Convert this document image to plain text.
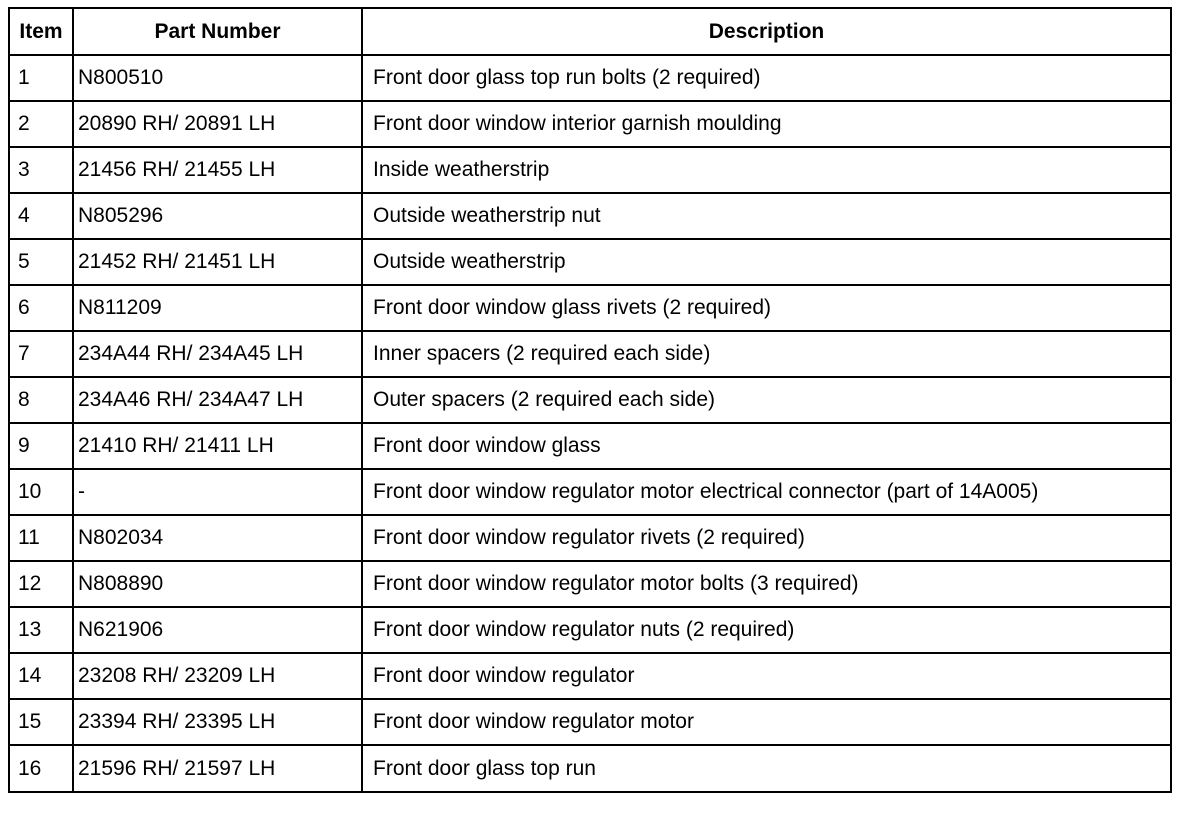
Item	Part Number	Description
1	N800510	Front door glass top run bolts (2 required)
2	20890 RH/ 20891 LH	Front door window interior garnish moulding
3	21456 RH/ 21455 LH	Inside weatherstrip
4	N805296	Outside weatherstrip nut
5	21452 RH/ 21451 LH	Outside weatherstrip
6	N811209	Front door window glass rivets (2 required)
7	234A44 RH/ 234A45 LH	Inner spacers (2 required each side)
8	234A46 RH/ 234A47 LH	Outer spacers (2 required each side)
9	21410 RH/ 21411 LH	Front door window glass
10	-	Front door window regulator motor electrical connector (part of 14A005)
11	N802034	Front door window regulator rivets (2 required)
12	N808890	Front door window regulator motor bolts (3 required)
13	N621906	Front door window regulator nuts (2 required)
14	23208 RH/ 23209 LH	Front door window regulator
15	23394 RH/ 23395 LH	Front door window regulator motor
16	21596 RH/ 21597 LH	Front door glass top run
